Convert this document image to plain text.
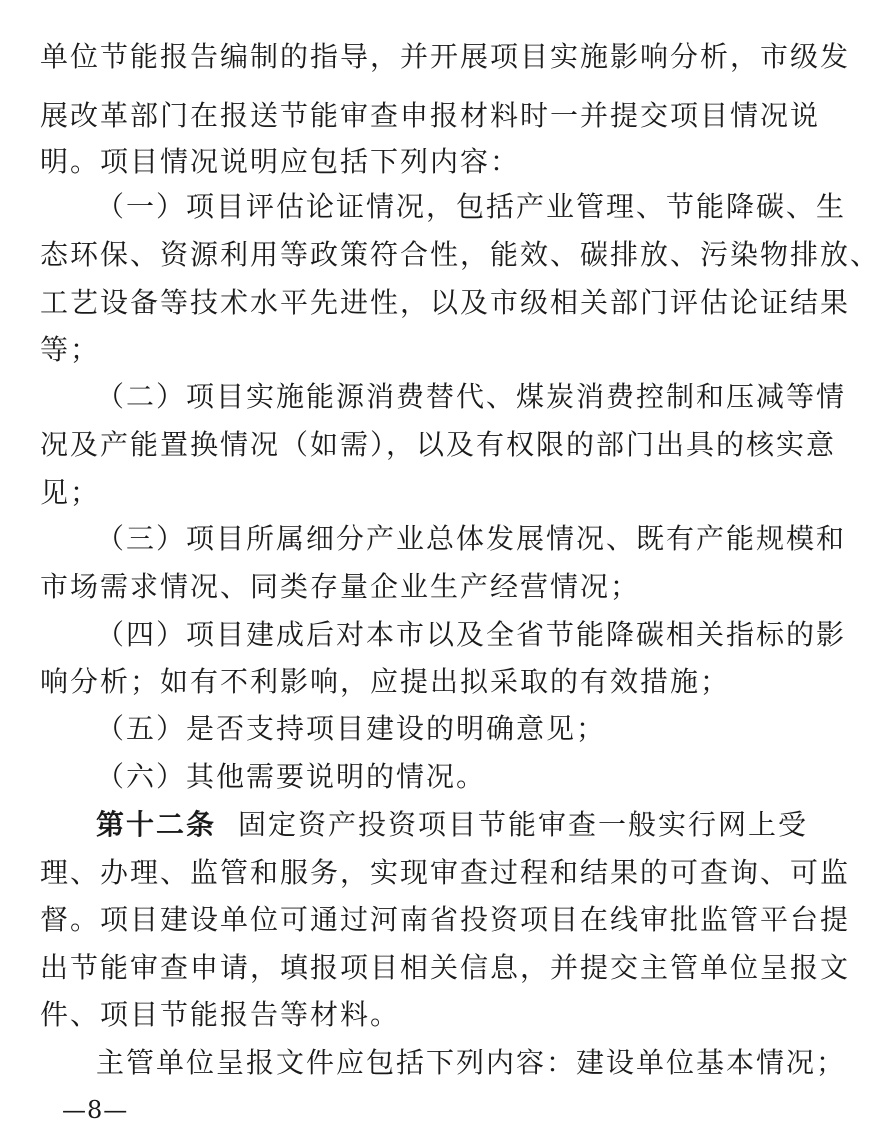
单位节能报告编制的指导，并开展项目实施影响分析，市级发
展改革部门在报送节能审查申报材料时一并提交项目情况说
明。项目情况说明应包括下列内容：
（一）项目评估论证情况，包括产业管理、节能降碳、生
态环保、资源利用等政策符合性，能效、碳排放、污染物排放、
工艺设备等技术水平先进性，以及市级相关部门评估论证结果
等；
（二）项目实施能源消费替代、煤炭消费控制和压减等情
况及产能置换情况（如需），以及有权限的部门出具的核实意
见；
（三）项目所属细分产业总体发展情况、既有产能规模和
市场需求情况、同类存量企业生产经营情况；
（四）项目建成后对本市以及全省节能降碳相关指标的影
响分析；如有不利影响，应提出拟采取的有效措施；
（五）是否支持项目建设的明确意见；
（六）其他需要说明的情况。
第十二条 固定资产投资项目节能审查一般实行网上受
理、办理、监管和服务，实现审查过程和结果的可查询、可监
督。项目建设单位可通过河南省投资项目在线审批监管平台提
出节能审查申请，填报项目相关信息，并提交主管单位呈报文
件、项目节能报告等材料。
主管单位呈报文件应包括下列内容：建设单位基本情况；
—8—
